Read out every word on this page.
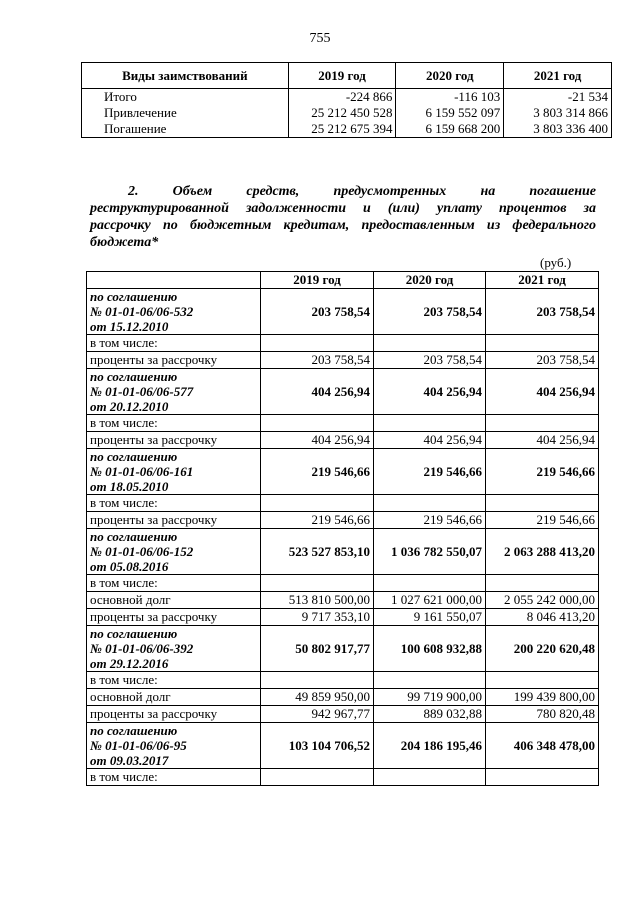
755
Виды заимствований	2019 год	2020 год	2021 год
Итого	-224 866	-116 103	-21 534
Привлечение	25 212 450 528	6 159 552 097	3 803 314 866
Погашение	25 212 675 394	6 159 668 200	3 803 336 400
2. Объем средств, предусмотренных на погашение
реструктурированной задолженности и (или) уплату процентов за
рассрочку по бюджетным кредитам, предоставленным из федерального
бюджета*
(руб.)
	2019 год	2020 год	2021 год

по соглашению
№ 01-01-06/06-532
от 15.12.2010	203 758,54	203 758,54	203 758,54
в том числе:			
проценты за рассрочку	203 758,54	203 758,54	203 758,54

по соглашению
№ 01-01-06/06-577
от 20.12.2010	404 256,94	404 256,94	404 256,94
в том числе:			
проценты за рассрочку	404 256,94	404 256,94	404 256,94

по соглашению
№ 01-01-06/06-161
от 18.05.2010	219 546,66	219 546,66	219 546,66
в том числе:			
проценты за рассрочку	219 546,66	219 546,66	219 546,66

по соглашению
№ 01-01-06/06-152
от 05.08.2016	523 527 853,10	1 036 782 550,07	2 063 288 413,20
в том числе:			
основной долг	513 810 500,00	1 027 621 000,00	2 055 242 000,00
проценты за рассрочку	9 717 353,10	9 161 550,07	8 046 413,20

по соглашению
№ 01-01-06/06-392
от 29.12.2016	50 802 917,77	100 608 932,88	200 220 620,48
в том числе:			
основной долг	49 859 950,00	99 719 900,00	199 439 800,00
проценты за рассрочку	942 967,77	889 032,88	780 820,48

по соглашению
№ 01-01-06/06-95
от 09.03.2017	103 104 706,52	204 186 195,46	406 348 478,00
в том числе:			
